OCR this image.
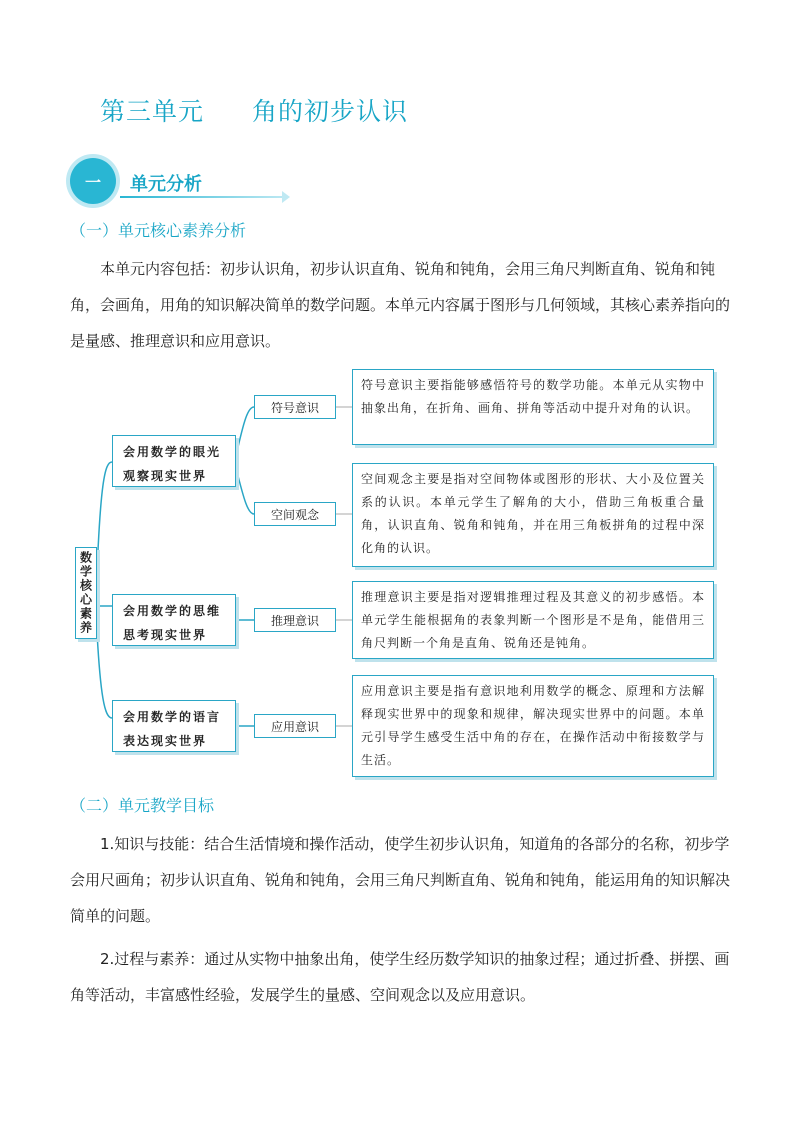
第三单元 角的初步认识
一	单元分析
（一）单元核心素养分析
本单元内容包括：初步认识角，初步认识直角、锐角和钝角，会用三角尺判断直角、锐角和钝角，会画角，用角的知识解决简单的数学问题。本单元内容属于图形与几何领域，其核心素养指向的是量感、推理意识和应用意识。
数学核心素养
会用数学的眼光观察现实世界
会用数学的思维思考现实世界
会用数学的语言表达现实世界
符号意识
空间观念
推理意识
应用意识
符号意识主要指能够感悟符号的数学功能。本单元从实物中抽象出角，在折角、画角、拼角等活动中提升对角的认识。
空间观念主要是指对空间物体或图形的形状、大小及位置关系的认识。本单元学生了解角的大小，借助三角板重合量角，认识直角、锐角和钝角，并在用三角板拼角的过程中深化角的认识。
推理意识主要是指对逻辑推理过程及其意义的初步感悟。本单元学生能根据角的表象判断一个图形是不是角，能借用三角尺判断一个角是直角、锐角还是钝角。
应用意识主要是指有意识地利用数学的概念、原理和方法解释现实世界中的现象和规律，解决现实世界中的问题。本单元引导学生感受生活中角的存在，在操作活动中衔接数学与生活。
（二）单元教学目标
1.知识与技能：结合生活情境和操作活动，使学生初步认识角，知道角的各部分的名称，初步学会用尺画角；初步认识直角、锐角和钝角，会用三角尺判断直角、锐角和钝角，能运用角的知识解决简单的问题。
2.过程与素养：通过从实物中抽象出角，使学生经历数学知识的抽象过程；通过折叠、拼摆、画角等活动，丰富感性经验，发展学生的量感、空间观念以及应用意识。
